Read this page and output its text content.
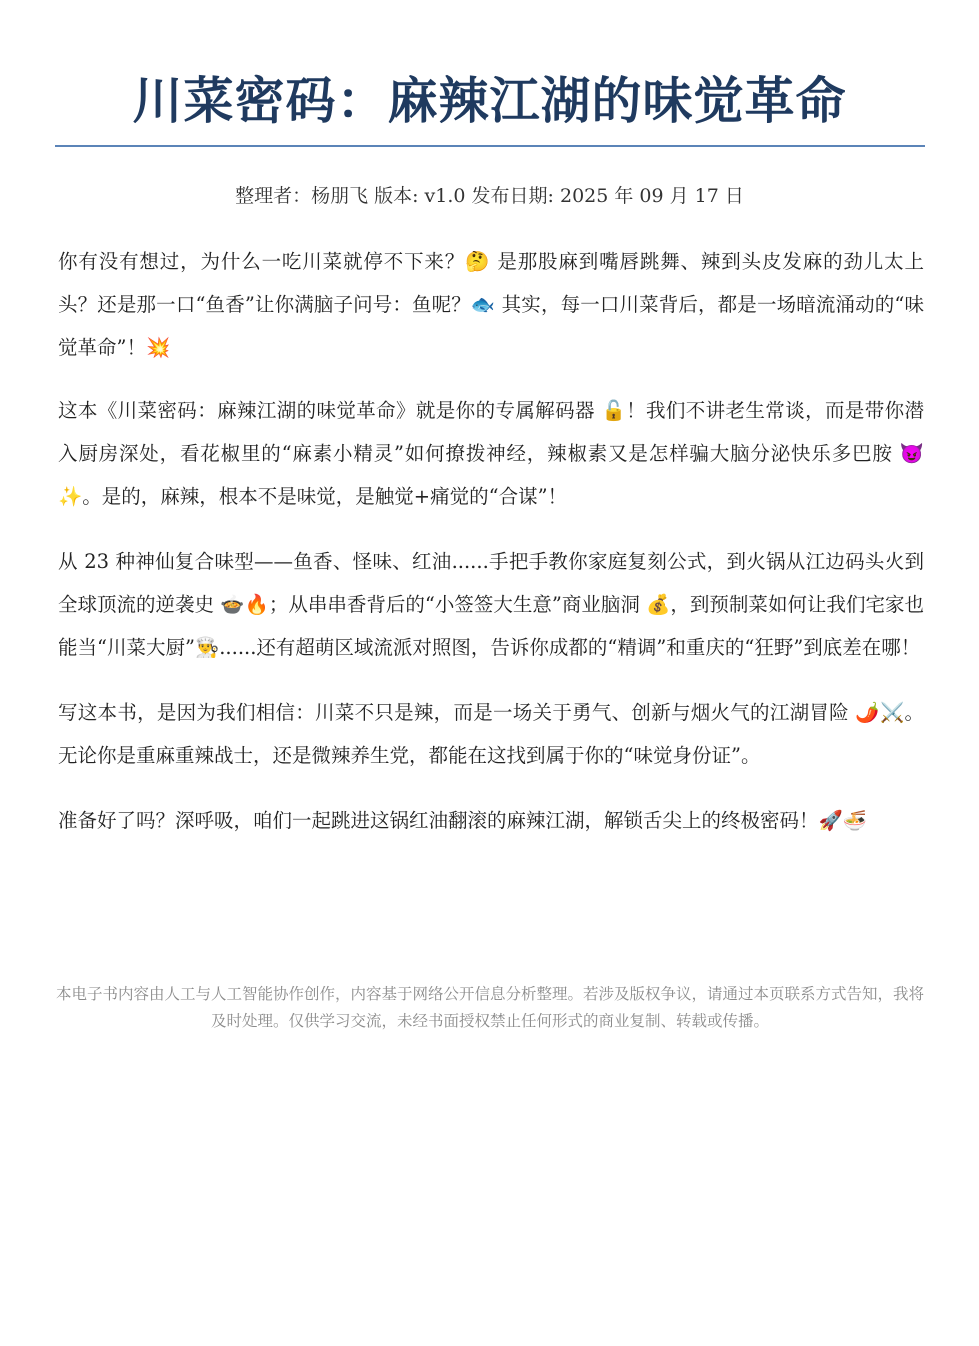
川菜密码：麻辣江湖的味觉革命
整理者：杨朋飞 版本: v1.0 发布日期: 2025 年 09 月 17 日

你有没有想过，为什么一吃川菜就停不下来？🤔 是那股麻到嘴唇跳舞、辣到头皮发麻的劲儿太上头？还是那一口“鱼香”让你满脑子问号：鱼呢？🐟 其实，每一口川菜背后，都是一场暗流涌动的“味觉革命”！💥

这本《川菜密码：麻辣江湖的味觉革命》就是你的专属解码器 🔓！我们不讲老生常谈，而是带你潜入厨房深处，看花椒里的“麻素小精灵”如何撩拨神经，辣椒素又是怎样骗大脑分泌快乐多巴胺 😈✨。是的，麻辣，根本不是味觉，是触觉+痛觉的“合谋”！

从 23 种神仙复合味型——鱼香、怪味、红油......手把手教你家庭复刻公式，到火锅从江边码头火到全球顶流的逆袭史 🍲🔥；从串串香背后的“小签签大生意”商业脑洞 💰，到预制菜如何让我们宅家也能当“川菜大厨”👨‍🍳......还有超萌区域流派对照图，告诉你成都的“精调”和重庆的“狂野”到底差在哪！

写这本书，是因为我们相信：川菜不只是辣，而是一场关于勇气、创新与烟火气的江湖冒险 🌶️⚔️。无论你是重麻重辣战士，还是微辣养生党，都能在这找到属于你的“味觉身份证”。

准备好了吗？深呼吸，咱们一起跳进这锅红油翻滚的麻辣江湖，解锁舌尖上的终极密码！🚀🍜

本电子书内容由人工与人工智能协作创作，内容基于网络公开信息分析整理。若涉及版权争议，请通过本页联系方式告知，我将及时处理。仅供学习交流，未经书面授权禁止任何形式的商业复制、转载或传播。
